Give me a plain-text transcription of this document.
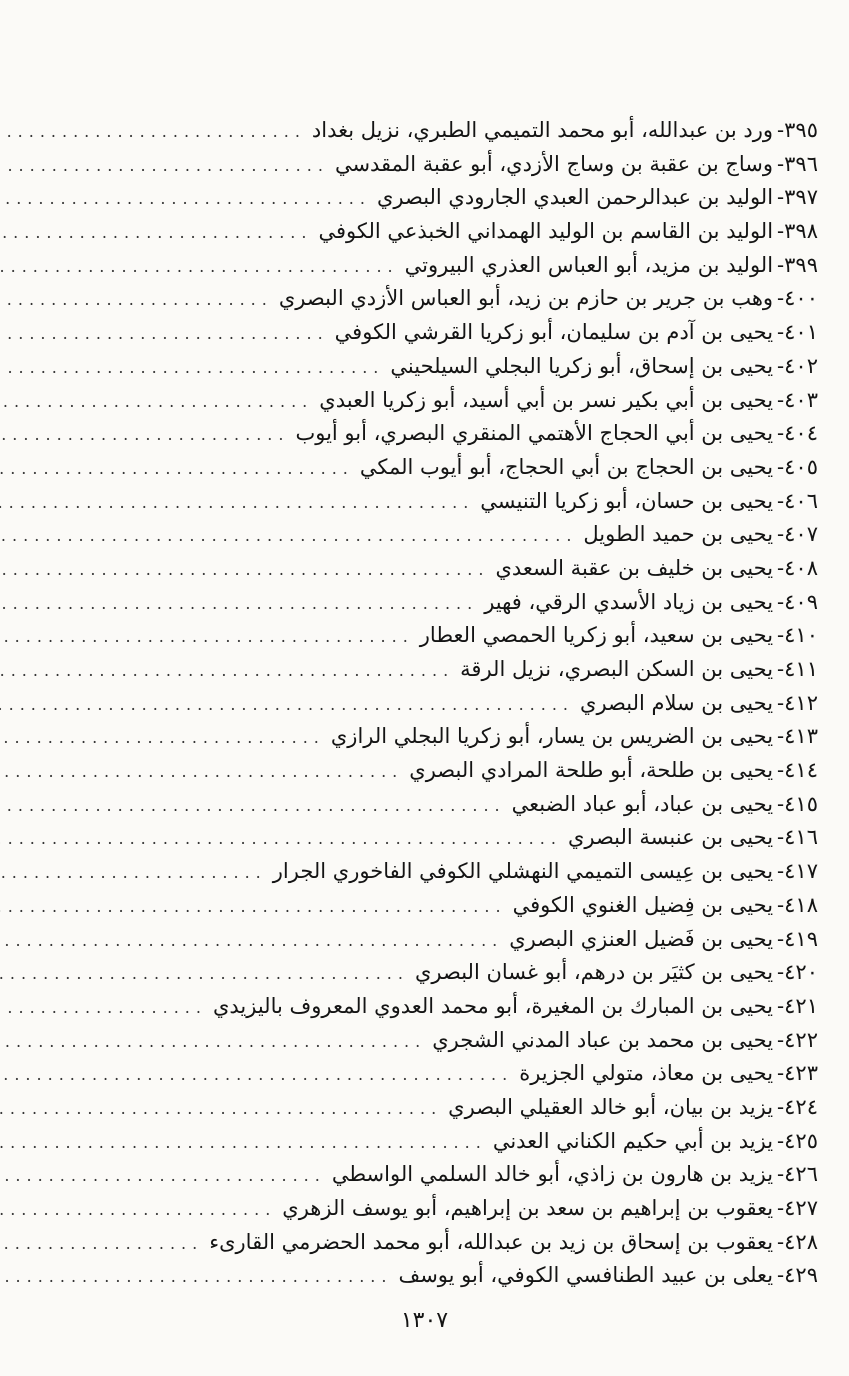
٣٩٥-
ورد بن عبدالله، أبو محمد التميمي الطبري، نزيل بغداد
.....
٣٩٦-
وساج بن عقبة بن وساج الأزدي، أبو عقبة المقدسي
.....
٣٩٧-
الوليد بن عبدالرحمن العبدي الجارودي البصري
.....
٣٩٨-
الوليد بن القاسم بن الوليد الهمداني الخبذعي الكوفي
.....
٣٩٩-
الوليد بن مزيد، أبو العباس العذري البيروتي
.....
٤٠٠-
وهب بن جرير بن حازم بن زيد، أبو العباس الأزدي البصري
.....
٤٠١-
يحيى بن آدم بن سليمان، أبو زكريا القرشي الكوفي
.....
٤٠٢-
يحيى بن إسحاق، أبو زكريا البجلي السيلحيني
.....
٤٠٣-
يحيى بن أبي بكير نسر بن أبي أسيد، أبو زكريا العبدي
.....
٤٠٤-
يحيى بن أبي الحجاج الأهتمي المنقري البصري، أبو أيوب
.....
٤٠٥-
يحيى بن الحجاج بن أبي الحجاج، أبو أيوب المكي
.....
٤٠٦-
يحيى بن حسان، أبو زكريا التنيسي
.....
٤٠٧-
يحيى بن حميد الطويل
.....
٤٠٨-
يحيى بن خليف بن عقبة السعدي
.....
٤٠٩-
يحيى بن زياد الأسدي الرقي، فهير
.....
٤١٠-
يحيى بن سعيد، أبو زكريا الحمصي العطار
.....
٤١١-
يحيى بن السكن البصري، نزيل الرقة
.....
٤١٢-
يحيى بن سلام البصري
.....
٤١٣-
يحيى بن الضريس بن يسار، أبو زكريا البجلي الرازي
.....
٤١٤-
يحيى بن طلحة، أبو طلحة المرادي البصري
.....
٤١٥-
يحيى بن عباد، أبو عباد الضبعي
.....
٤١٦-
يحيى بن عنبسة البصري
.....
٤١٧-
يحيى بن عِيسى التميمي النهشلي الكوفي الفاخوري الجرار
.....
٤١٨-
يحيى بن فِضيل الغنوي الكوفي
.....
٤١٩-
يحيى بن فَضيل العنزي البصري
.....
٤٢٠-
يحيى بن كثيَر بن درهم، أبو غسان البصري
.....
٤٢١-
يحيى بن المبارك بن المغيرة، أبو محمد العدوي المعروف باليزيدي
.....
٤٢٢-
يحيى بن محمد بن عباد المدني الشجري
.....
٤٢٣-
يحيى بن معاذ، متولي الجزيرة
.....
٤٢٤-
يزيد بن بيان، أبو خالد العقيلي البصري
.....
٤٢٥-
يزيد بن أبي حكيم الكناني العدني
.....
٤٢٦-
يزيد بن هارون بن زاذي، أبو خالد السلمي الواسطي
.....
٤٢٧-
يعقوب بن إبراهيم بن سعد بن إبراهيم، أبو يوسف الزهري
.....
٤٢٨-
يعقوب بن إسحاق بن زيد بن عبدالله، أبو محمد الحضرمي القارىء
.....
٤٢٩-
يعلى بن عبيد الطنافسي الكوفي، أبو يوسف
.....
١٣٠٧
